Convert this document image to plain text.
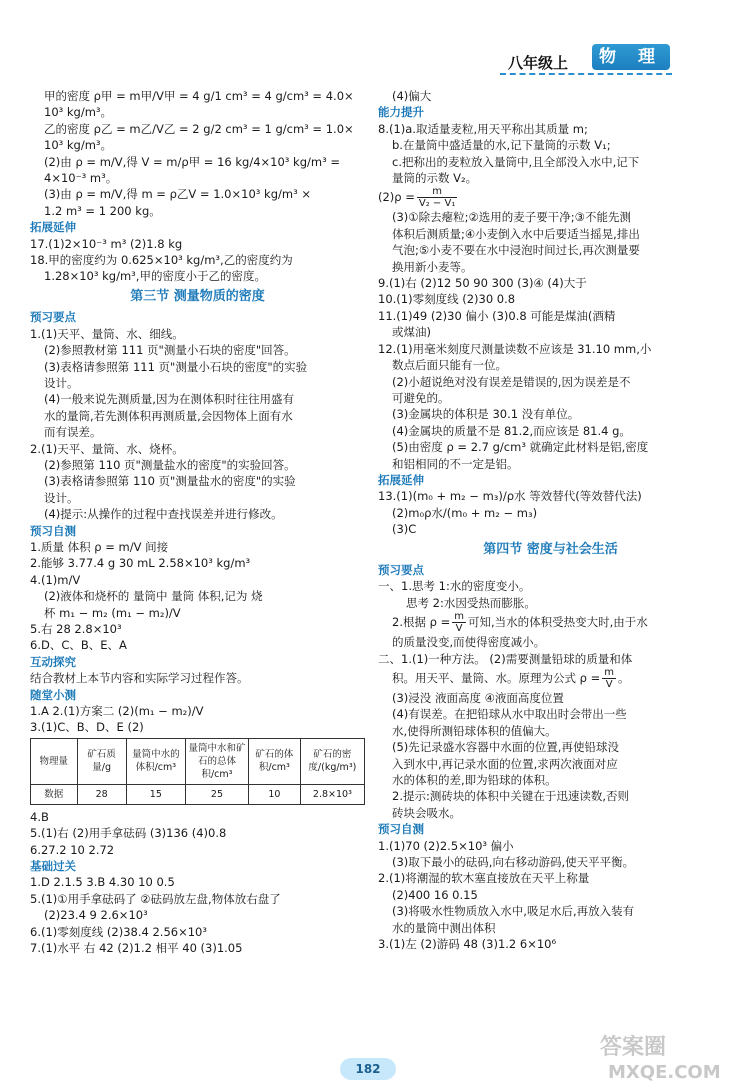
八年级上	物 理
甲的密度 ρ甲 = m甲/V甲 = 4 g/1 cm³ = 4 g/cm³ = 4.0×
10³ kg/m³。
乙的密度 ρ乙 = m乙/V乙 = 2 g/2 cm³ = 1 g/cm³ = 1.0×
10³ kg/m³。
(2)由 ρ = m/V,得 V = m/ρ甲 = 16 kg/4×10³ kg/m³ =
4×10⁻³ m³。
(3)由 ρ = m/V,得 m = ρ乙V = 1.0×10³ kg/m³ ×
1.2 m³ = 1 200 kg。
拓展延伸
17.(1)2×10⁻³ m³ (2)1.8 kg
18.甲的密度约为 0.625×10³ kg/m³,乙的密度约为
1.28×10³ kg/m³,甲的密度小于乙的密度。
第三节 测量物质的密度
预习要点
1.(1)天平、量筒、水、细线。
(2)参照教材第 111 页"测量小石块的密度"回答。
(3)表格请参照第 111 页"测量小石块的密度"的实验
设计。
(4)一般来说先测质量,因为在测体积时往往用盛有
水的量筒,若先测体积再测质量,会因物体上面有水
而有误差。
2.(1)天平、量筒、水、烧杯。
(2)参照第 110 页"测量盐水的密度"的实验回答。
(3)表格请参照第 110 页"测量盐水的密度"的实验
设计。
(4)提示:从操作的过程中查找误差并进行修改。
预习自测
1.质量 体积 ρ = m/V 间接
2.能够 3.77.4 g 30 mL 2.58×10³ kg/m³
4.(1)m/V
(2)液体和烧杯的 量筒中 量筒 体积,记为 烧
杯 m₁ − m₂ (m₁ − m₂)/V
5.右 28 2.8×10³
6.D、C、B、E、A
互动探究
结合教材上本节内容和实际学习过程作答。
随堂小测
1.A 2.(1)方案二 (2)(m₁ − m₂)/V
3.(1)C、B、D、E (2)
物理量	矿石质量/g	量筒中水的体积/cm³	量筒中水和矿石的总体积/cm³	矿石的体积/cm³	矿石的密度/(kg/m³)
数据	28	15	25	10	2.8×10³
4.B
5.(1)右 (2)用手拿砝码 (3)136 (4)0.8
6.27.2 10 2.72
基础过关
1.D 2.1.5 3.B 4.30 10 0.5
5.(1)①用手拿砝码了 ②砝码放左盘,物体放右盘了
(2)23.4 9 2.6×10³
6.(1)零刻度线 (2)38.4 2.56×10³
7.(1)水平 右 42 (2)1.2 相平 40 (3)1.05
(4)偏大
能力提升
8.(1)a.取适量麦粒,用天平称出其质量 m;
b.在量筒中盛适量的水,记下量筒的示数 V₁;
c.把称出的麦粒放入量筒中,且全部没入水中,记下
量筒的示数 V₂。
$(2)\rho = \frac{m}{\text{V₂ − V₁}}$
(3)①除去瘪粒;②选用的麦子要干净;③不能先测
体积后测质量;④小麦倒入水中后要适当摇晃,排出
气泡;⑤小麦不要在水中浸泡时间过长,再次测量要
换用新小麦等。
9.(1)右 (2)12 50 90 300 (3)④ (4)大于
10.(1)零刻度线 (2)30 0.8
11.(1)49 (2)30 偏小 (3)0.8 可能是煤油(酒精
或煤油)
12.(1)用毫米刻度尺测量读数不应该是 31.10 mm,小
数点后面只能有一位。
(2)小超说绝对没有误差是错误的,因为误差是不
可避免的。
(3)金属块的体积是 30.1 没有单位。
(4)金属块的质量不是 81.2,而应该是 81.4 g。
(5)由密度 ρ = 2.7 g/cm³ 就确定此材料是铝,密度
和铝相同的不一定是铝。
拓展延伸
13.(1)(m₀ + m₂ − m₃)/ρ水 等效替代(等效替代法)
(2)m₀ρ水/(m₀ + m₂ − m₃)
(3)C
第四节 密度与社会生活
预习要点
一、1.思考 1:水的密度变小。
思考 2:水因受热而膨胀。
2.根据 $\rho = \frac{m}{V}$ 可知,当水的体积受热变大时,由于水
的质量没变,而使得密度减小。
二、1.(1)一种方法。 (2)需要测量铅球的质量和体
积。用天平、量筒、水。原理为公式 $\rho = \frac{m}{V}$ 。
(3)浸没 液面高度 ④液面高度位置
(4)有误差。在把铅球从水中取出时会带出一些
水,使得所测铅球体积的值偏大。
(5)先记录盛水容器中水面的位置,再使铅球没
入到水中,再记录水面的位置,求两次液面对应
水的体积的差,即为铅球的体积。
2.提示:测砖块的体积中关键在于迅速读数,否则
砖块会吸水。
预习自测
1.(1)70 (2)2.5×10³ 偏小
(3)取下最小的砝码,向右移动游码,使天平平衡。
2.(1)将潮湿的软木塞直接放在天平上称量
(2)400 16 0.15
(3)将吸水性物质放入水中,吸足水后,再放入装有
水的量筒中测出体积
3.(1)左 (2)游码 48 (3)1.2 6×10⁶
182
答案圈
MXQE.COM
